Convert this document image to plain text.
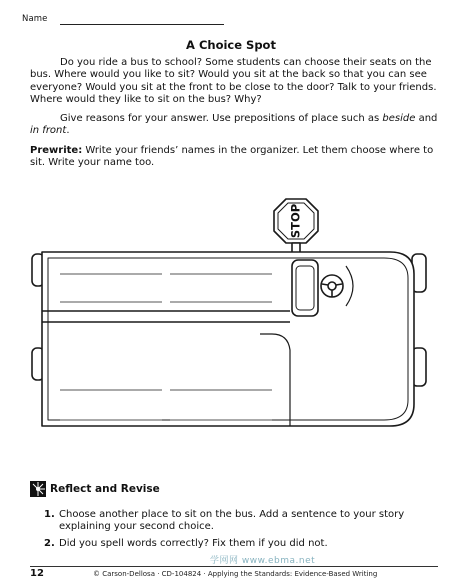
Name
A Choice Spot
Do you ride a bus to school? Some students can choose their seats on the bus. Where would you like to sit? Would you sit at the back so that you can see everyone? Would you sit at the front to be close to the door? Talk to your friends. Where would they like to sit on the bus? Why?
Give reasons for your answer. Use prepositions of place such as beside and in front.
Prewrite: Write your friends’ names in the organizer. Let them choose where to sit. Write your name too.
STOP
Reflect and Revise
1. Choose another place to sit on the bus. Add a sentence to your story explaining your second choice.
2. Did you spell words correctly? Fix them if you did not.
学网网 www.ebma.net
12	© Carson-Dellosa · CD-104824 · Applying the Standards: Evidence-Based Writing
